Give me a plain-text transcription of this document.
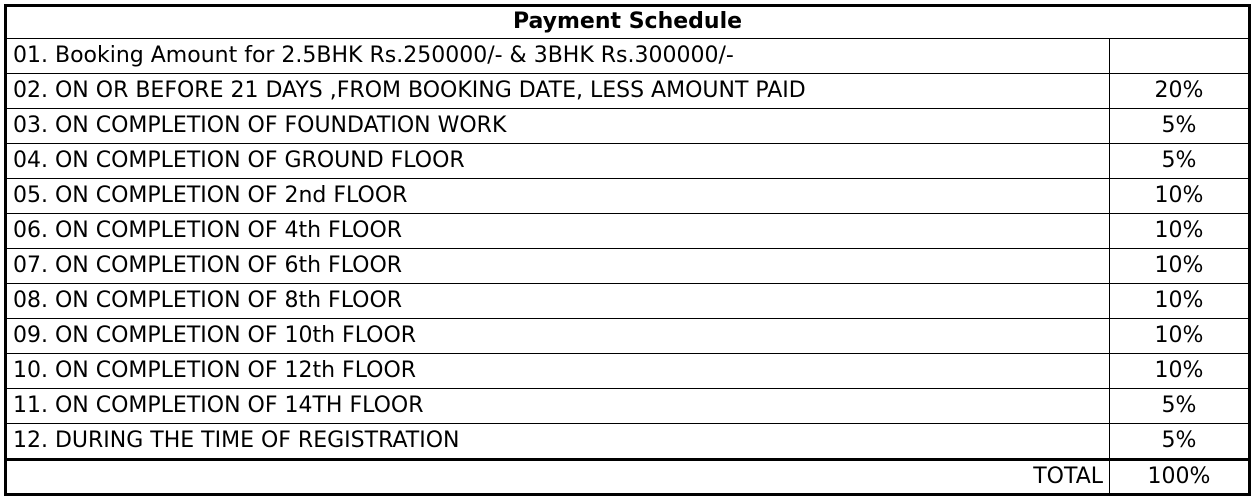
Payment Schedule	
01. Booking Amount for 2.5BHK Rs.250000/- & 3BHK Rs.300000/-	
02. ON OR BEFORE 21 DAYS ,FROM BOOKING DATE, LESS AMOUNT PAID	20%
03. ON COMPLETION OF FOUNDATION WORK	5%
04. ON COMPLETION OF GROUND FLOOR	5%
05. ON COMPLETION OF 2nd FLOOR	10%
06. ON COMPLETION OF 4th FLOOR	10%
07. ON COMPLETION OF 6th FLOOR	10%
08. ON COMPLETION OF 8th FLOOR	10%
09. ON COMPLETION OF 10th FLOOR	10%
10. ON COMPLETION OF 12th FLOOR	10%
11. ON COMPLETION OF 14TH FLOOR	5%
12. DURING THE TIME OF REGISTRATION	5%
TOTAL	100%
